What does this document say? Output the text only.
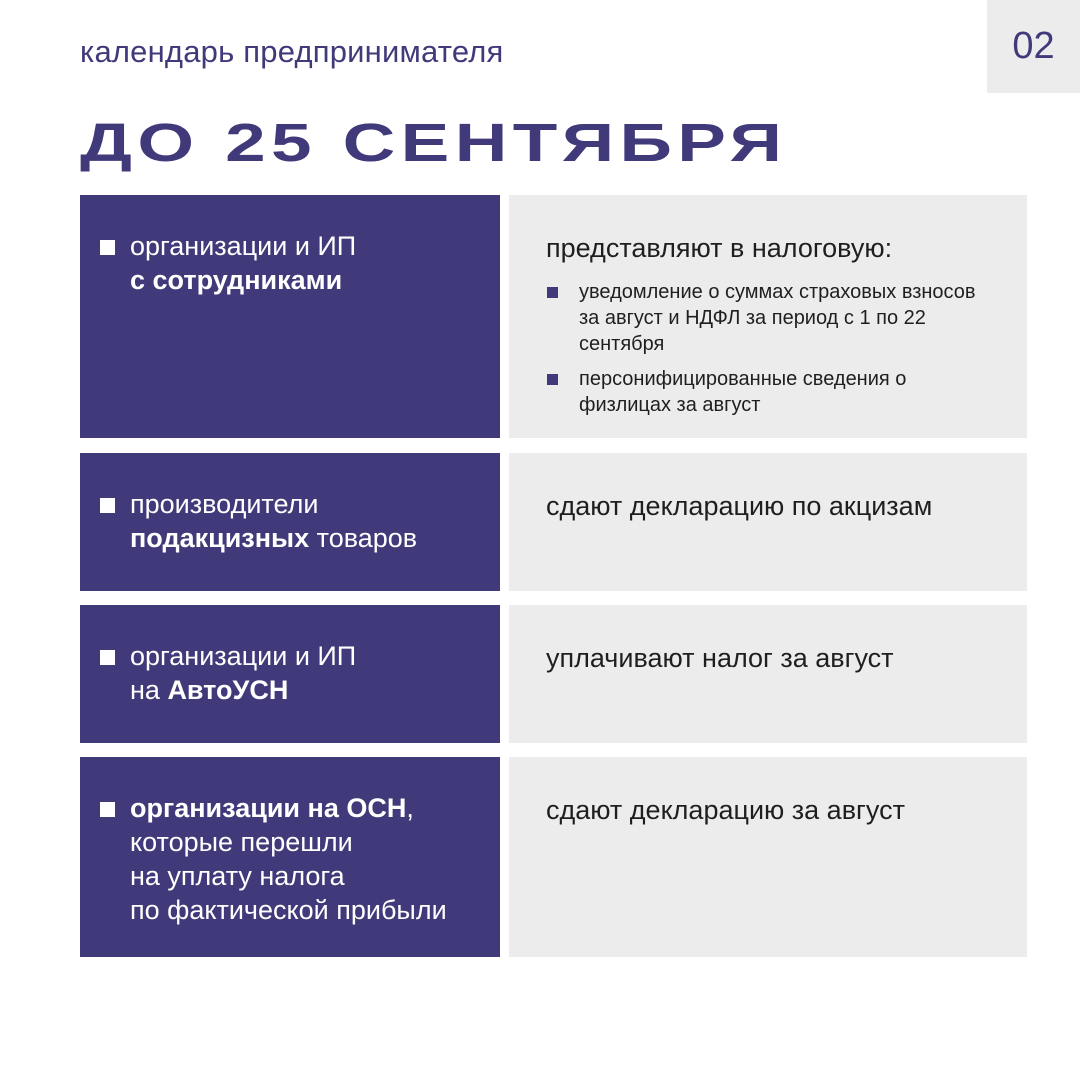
календарь предпринимателя	02
ДО 25 СЕНТЯБРЯ
организации и ИП
с сотрудниками
представляют в налоговую:
уведомление о суммах страховых взносов за август и НДФЛ за период с 1 по 22 сентября
персонифицированные сведения о физлицах за август
производители
подакцизных товаров
сдают декларацию по акцизам
организации и ИП
на АвтоУСН
уплачивают налог за август
организации на ОСН,
которые перешли
на уплату налога
по фактической прибыли
сдают декларацию за август
